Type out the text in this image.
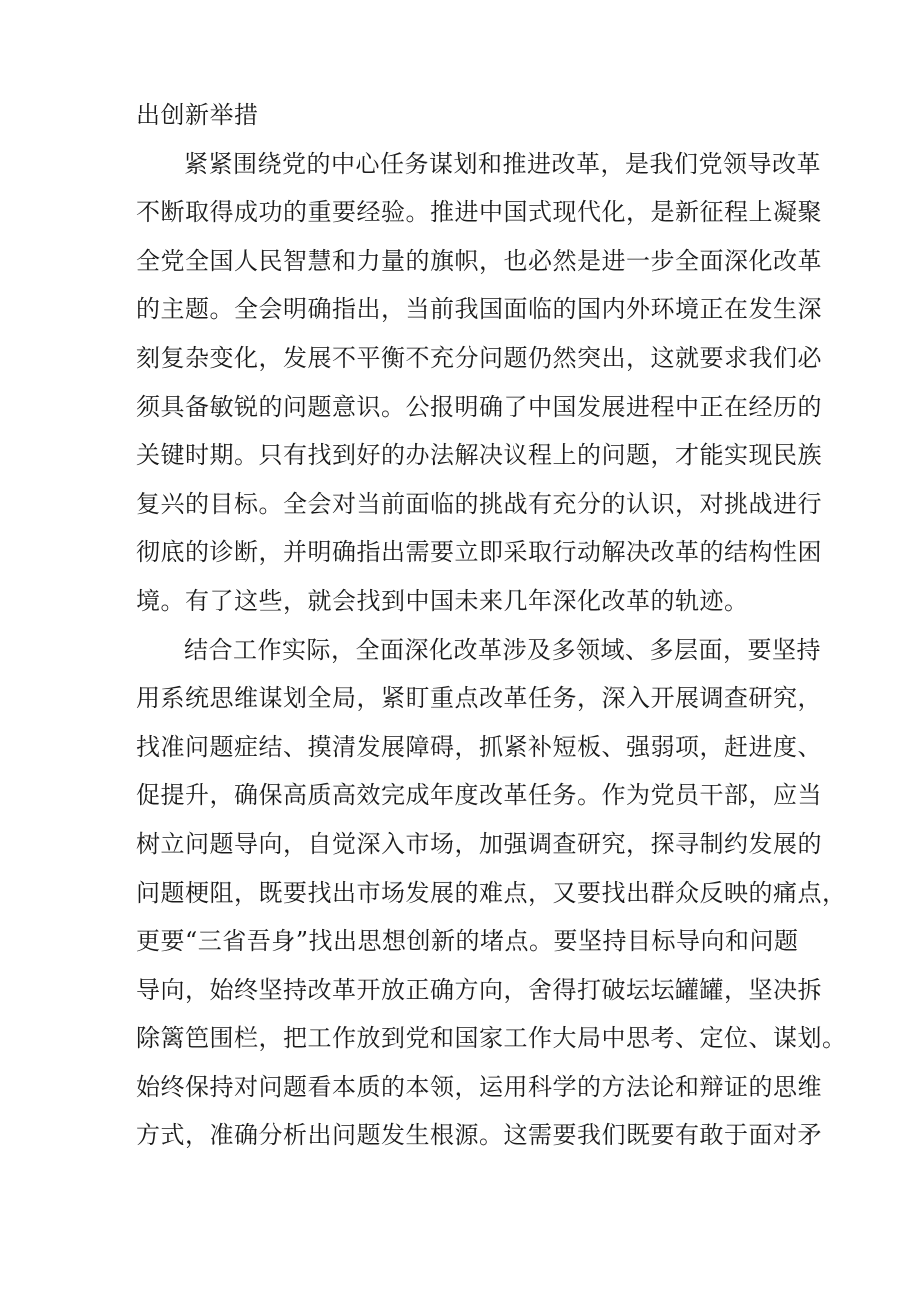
出创新举措
紧紧围绕党的中心任务谋划和推进改革，是我们党领导改革
不断取得成功的重要经验。推进中国式现代化，是新征程上凝聚
全党全国人民智慧和力量的旗帜，也必然是进一步全面深化改革
的主题。全会明确指出，当前我国面临的国内外环境正在发生深
刻复杂变化，发展不平衡不充分问题仍然突出，这就要求我们必
须具备敏锐的问题意识。公报明确了中国发展进程中正在经历的
关键时期。只有找到好的办法解决议程上的问题，才能实现民族
复兴的目标。全会对当前面临的挑战有充分的认识，对挑战进行
彻底的诊断，并明确指出需要立即采取行动解决改革的结构性困
境。有了这些，就会找到中国未来几年深化改革的轨迹。
结合工作实际，全面深化改革涉及多领域、多层面，要坚持
用系统思维谋划全局，紧盯重点改革任务，深入开展调查研究，
找准问题症结、摸清发展障碍，抓紧补短板、强弱项，赶进度、
促提升，确保高质高效完成年度改革任务。作为党员干部，应当
树立问题导向，自觉深入市场，加强调查研究，探寻制约发展的
问题梗阻，既要找出市场发展的难点，又要找出群众反映的痛点，
更要“三省吾身”找出思想创新的堵点。要坚持目标导向和问题
导向，始终坚持改革开放正确方向，舍得打破坛坛罐罐，坚决拆
除篱笆围栏，把工作放到党和国家工作大局中思考、定位、谋划。
始终保持对问题看本质的本领，运用科学的方法论和辩证的思维
方式，准确分析出问题发生根源。这需要我们既要有敢于面对矛
